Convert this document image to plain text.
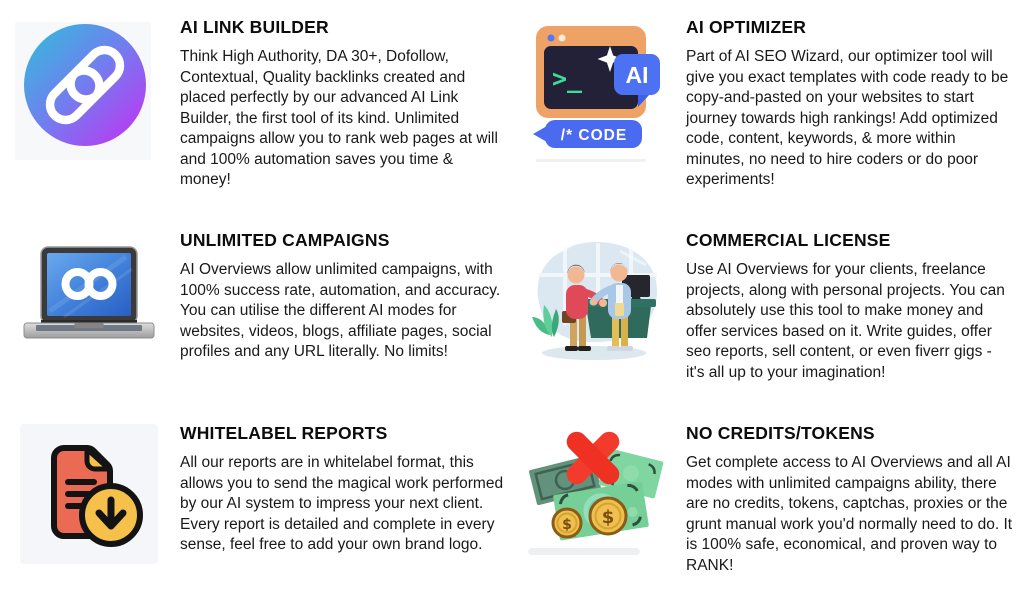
AI LINK BUILDER

Think High Authority, DA 30+, Dofollow, Contextual, Quality backlinks created and placed perfectly by our advanced AI Link Builder, the first tool of its kind. Unlimited campaigns allow you to rank web pages at will and 100% automation saves you time & money!

>_ AI
/* CODE
AI OPTIMIZER

Part of AI SEO Wizard, our optimizer tool will give you exact templates with code ready to be copy-and-pasted on your websites to start journey towards high rankings! Add optimized code, content, keywords, & more within minutes, no need to hire coders or do poor experiments!

UNLIMITED CAMPAIGNS

AI Overviews allow unlimited campaigns, with 100% success rate, automation, and accuracy. You can utilise the different AI modes for websites, videos, blogs, affiliate pages, social profiles and any URL literally. No limits!

COMMERCIAL LICENSE

Use AI Overviews for your clients, freelance projects, along with personal projects. You can absolutely use this tool to make money and offer services based on it. Write guides, offer seo reports, sell content, or even fiverr gigs - it's all up to your imagination!

WHITELABEL REPORTS

All our reports are in whitelabel format, this allows you to send the magical work performed by our AI system to impress your next client. Every report is detailed and complete in every sense, feel free to add your own brand logo.

$ $
NO CREDITS/TOKENS

Get complete access to AI Overviews and all AI modes with unlimited campaigns ability, there are no credits, tokens, captchas, proxies or the grunt manual work you'd normally need to do. It is 100% safe, economical, and proven way to RANK!
